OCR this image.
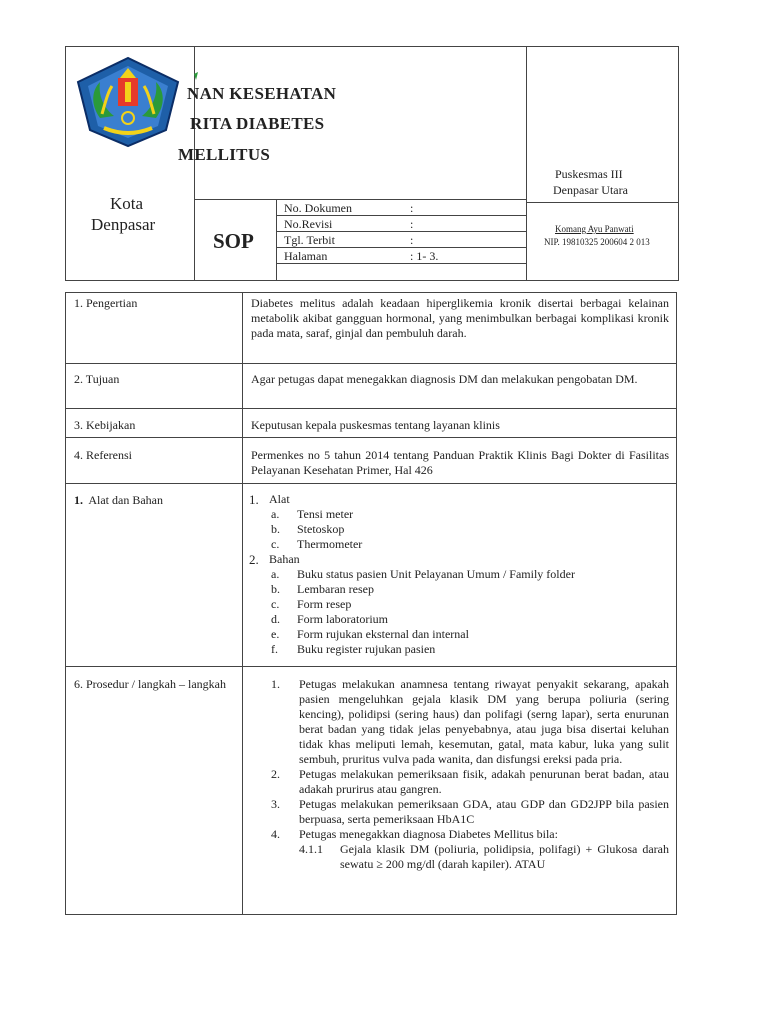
NAN KESEHATAN
RITA DIABETES
MELLITUS
Kota
Denpasar
SOP
No. Dokumen	:
No.Revisi	:
Tgl. Terbit	:
Halaman	: 1- 3.
Puskesmas III
Denpasar Utara
Komang Ayu Panwati
NIP. 19810325 200604 2 013
1. Pengertian	Diabetes melitus adalah keadaan hiperglikemia kronik disertai berbagai kelainan metabolik akibat gangguan hormonal, yang menimbulkan berbagai komplikasi kronik pada mata, saraf, ginjal dan pembuluh darah.
2. Tujuan	Agar petugas dapat menegakkan diagnosis DM dan melakukan pengobatan DM.
3. Kebijakan	Keputusan kepala puskesmas tentang layanan klinis
4. Referensi	Permenkes no 5 tahun 2014 tentang Panduan Praktik Klinis Bagi Dokter di Fasilitas Pelayanan Kesehatan Primer, Hal 426
1. Alat dan Bahan	1. Alat
a.	Tensi meter
b.	Stetoskop
c.	Thermometer
2. Bahan
a.	Buku status pasien Unit Pelayanan Umum / Family folder
b.	Lembaran resep
c.	Form resep
d.	Form laboratorium
e.	Form rujukan eksternal dan internal
f.	Buku register rujukan pasien
6. Prosedur / langkah – langkah	1.	Petugas melakukan anamnesa tentang riwayat penyakit sekarang, apakah pasien mengeluhkan gejala klasik DM yang berupa poliuria (sering kencing), polidipsi (sering haus) dan polifagi (serng lapar), serta enurunan berat badan yang tidak jelas penyebabnya, atau juga bisa disertai keluhan tidak khas meliputi lemah, kesemutan, gatal, mata kabur, luka yang sulit sembuh, pruritus vulva pada wanita, dan disfungsi ereksi pada pria.
2.	Petugas melakukan pemeriksaan fisik, adakah penurunan berat badan, atau adakah prurirus atau gangren.
3.	Petugas melakukan pemeriksaan GDA, atau GDP dan GD2JPP bila pasien berpuasa, serta pemeriksaan HbA1C
4.	Petugas menegakkan diagnosa Diabetes Mellitus bila:
4.1.1	Gejala klasik DM (poliuria, polidipsia, polifagi) + Glukosa darah sewatu ≥ 200 mg/dl (darah kapiler). ATAU
